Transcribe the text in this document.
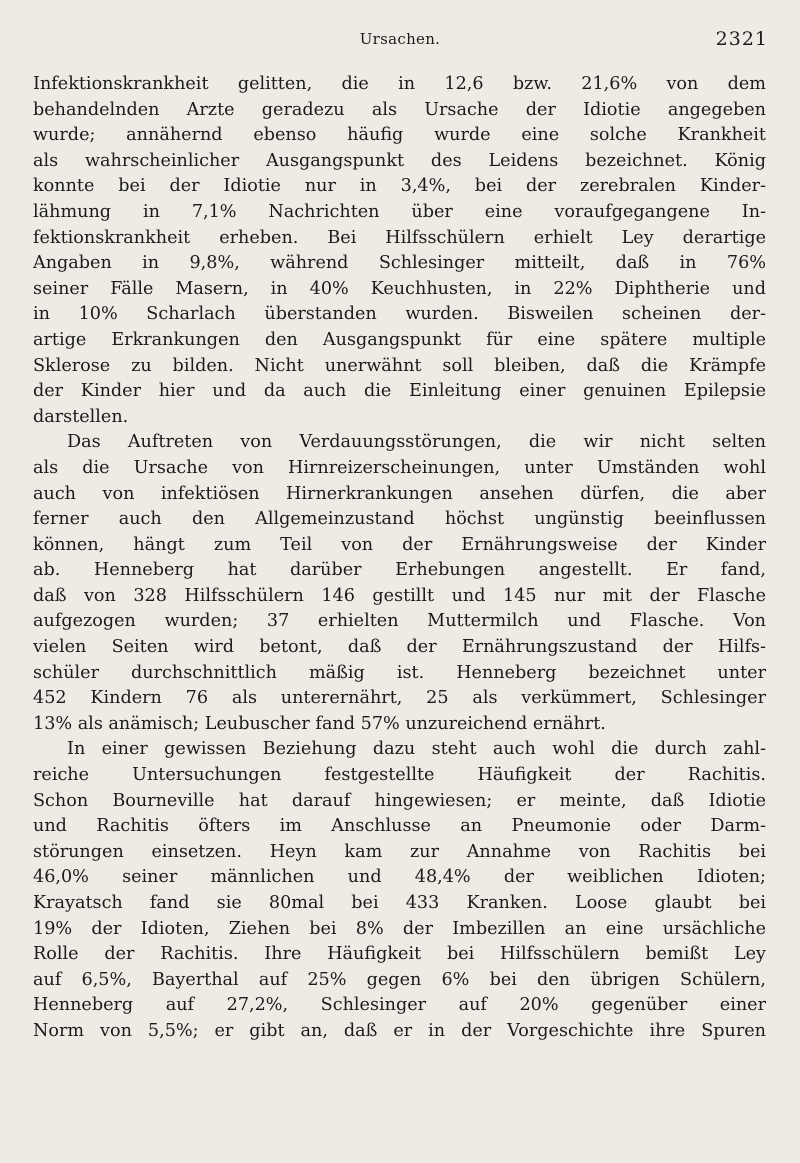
Ursachen.	2321
Infektionskrankheit gelitten, die in 12,6 bzw. 21,6% von dem
behandelnden Arzte geradezu als Ursache der Idiotie angegeben
wurde; annähernd ebenso häufig wurde eine solche Krankheit
als wahrscheinlicher Ausgangspunkt des Leidens bezeichnet. König
konnte bei der Idiotie nur in 3,4%, bei der zerebralen Kinder-
lähmung in 7,1% Nachrichten über eine voraufgegangene In-
fektionskrankheit erheben. Bei Hilfsschülern erhielt Ley derartige
Angaben in 9,8%, während Schlesinger mitteilt, daß in 76%
seiner Fälle Masern, in 40% Keuchhusten, in 22% Diphtherie und
in 10% Scharlach überstanden wurden. Bisweilen scheinen der-
artige Erkrankungen den Ausgangspunkt für eine spätere multiple
Sklerose zu bilden. Nicht unerwähnt soll bleiben, daß die Krämpfe
der Kinder hier und da auch die Einleitung einer genuinen Epilepsie
darstellen.
Das Auftreten von Verdauungsstörungen, die wir nicht selten
als die Ursache von Hirnreizerscheinungen, unter Umständen wohl
auch von infektiösen Hirnerkrankungen ansehen dürfen, die aber
ferner auch den Allgemeinzustand höchst ungünstig beeinflussen
können, hängt zum Teil von der Ernährungsweise der Kinder
ab. Henneberg hat darüber Erhebungen angestellt. Er fand,
daß von 328 Hilfsschülern 146 gestillt und 145 nur mit der Flasche
aufgezogen wurden; 37 erhielten Muttermilch und Flasche. Von
vielen Seiten wird betont, daß der Ernährungszustand der Hilfs-
schüler durchschnittlich mäßig ist. Henneberg bezeichnet unter
452 Kindern 76 als unterernährt, 25 als verkümmert, Schlesinger
13% als anämisch; Leubuscher fand 57% unzureichend ernährt.
In einer gewissen Beziehung dazu steht auch wohl die durch zahl-
reiche Untersuchungen festgestellte Häufigkeit der Rachitis.
Schon Bourneville hat darauf hingewiesen; er meinte, daß Idiotie
und Rachitis öfters im Anschlusse an Pneumonie oder Darm-
störungen einsetzen. Heyn kam zur Annahme von Rachitis bei
46,0% seiner männlichen und 48,4% der weiblichen Idioten;
Krayatsch fand sie 80mal bei 433 Kranken. Loose glaubt bei
19% der Idioten, Ziehen bei 8% der Imbezillen an eine ursächliche
Rolle der Rachitis. Ihre Häufigkeit bei Hilfsschülern bemißt Ley
auf 6,5%, Bayerthal auf 25% gegen 6% bei den übrigen Schülern,
Henneberg auf 27,2%, Schlesinger auf 20% gegenüber einer
Norm von 5,5%; er gibt an, daß er in der Vorgeschichte ihre Spuren
